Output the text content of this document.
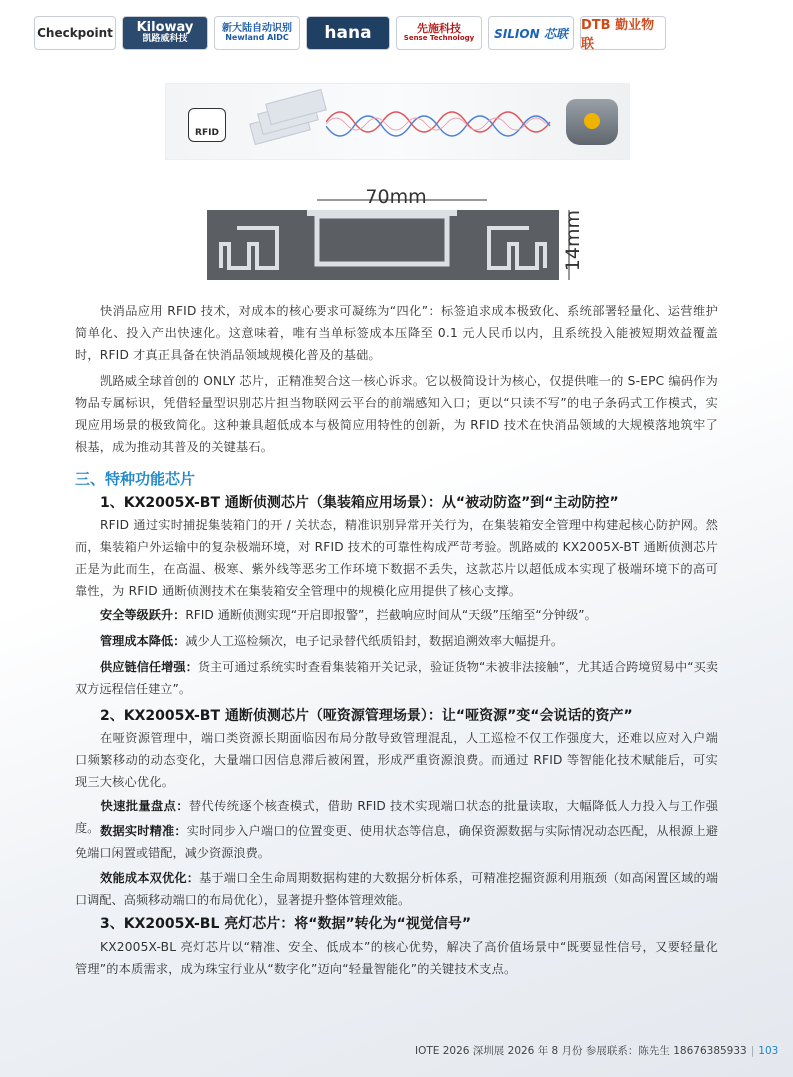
Checkpoint Kiloway
凯路威科技
新大陆自动识别
Newland AIDC hana	先施科技
Sense Technology SILION 芯联
DTB 勤业物联
RFID
70mm
14mm

快消品应用 RFID 技术，对成本的核心要求可凝练为“四化”：标签追求成本极致化、系统部署轻量化、运营维护简单化、投入产出快速化。这意味着，唯有当单标签成本压降至 0.1 元人民币以内，且系统投入能被短期效益覆盖时，RFID 才真正具备在快消品领域规模化普及的基础。

凯路威全球首创的 ONLY 芯片，正精准契合这一核心诉求。它以极简设计为核心，仅提供唯一的 S-EPC 编码作为物品专属标识，凭借轻量型识别芯片担当物联网云平台的前端感知入口；更以“只读不写”的电子条码式工作模式，实现应用场景的极致简化。这种兼具超低成本与极简应用特性的创新，为 RFID 技术在快消品领域的大规模落地筑牢了根基，成为推动其普及的关键基石。

三、特种功能芯片
1、KX2005X-BT 通断侦测芯片（集装箱应用场景）：从“被动防盗”到“主动防控”

RFID 通过实时捕捉集装箱门的开 / 关状态，精准识别异常开关行为，在集装箱安全管理中构建起核心防护网。然而，集装箱户外运输中的复杂极端环境，对 RFID 技术的可靠性构成严苛考验。凯路威的 KX2005X-BT 通断侦测芯片正是为此而生，在高温、极寒、紫外线等恶劣工作环境下数据不丢失，这款芯片以超低成本实现了极端环境下的高可靠性，为 RFID 通断侦测技术在集装箱安全管理中的规模化应用提供了核心支撑。

安全等级跃升：RFID 通断侦测实现“开启即报警”，拦截响应时间从“天级”压缩至“分钟级”。
管理成本降低：减少人工巡检频次，电子记录替代纸质铅封，数据追溯效率大幅提升。
供应链信任增强：货主可通过系统实时查看集装箱开关记录，验证货物“未被非法接触”，尤其适合跨境贸易中“买卖双方远程信任建立”。
2、KX2005X-BT 通断侦测芯片（哑资源管理场景）：让“哑资源”变“会说话的资产”

在哑资源管理中，端口类资源长期面临因布局分散导致管理混乱，人工巡检不仅工作强度大，还难以应对入户端口频繁移动的动态变化，大量端口因信息滞后被闲置，形成严重资源浪费。而通过 RFID 等智能化技术赋能后，可实现三大核心优化。

快速批量盘点：替代传统逐个核查模式，借助 RFID 技术实现端口状态的批量读取，大幅降低人力投入与工作强度。 数据实时精准：实时同步入户端口的位置变更、使用状态等信息，确保资源数据与实际情况动态匹配，从根源上避免端口闲置或错配，减少资源浪费。
效能成本双优化：基于端口全生命周期数据构建的大数据分析体系，可精准挖掘资源利用瓶颈（如高闲置区域的端口调配、高频移动端口的布局优化），显著提升整体管理效能。
3、KX2005X-BL 亮灯芯片：将“数据”转化为“视觉信号”

KX2005X-BL 亮灯芯片以“精准、安全、低成本”的核心优势，解决了高价值场景中“既要显性信号，又要轻量化管理”的本质需求，成为珠宝行业从“数字化”迈向“轻量智能化”的关键技术支点。

IOTE 2026 深圳展 2026 年 8 月份 参展联系：陈先生 18676385933 | 103
